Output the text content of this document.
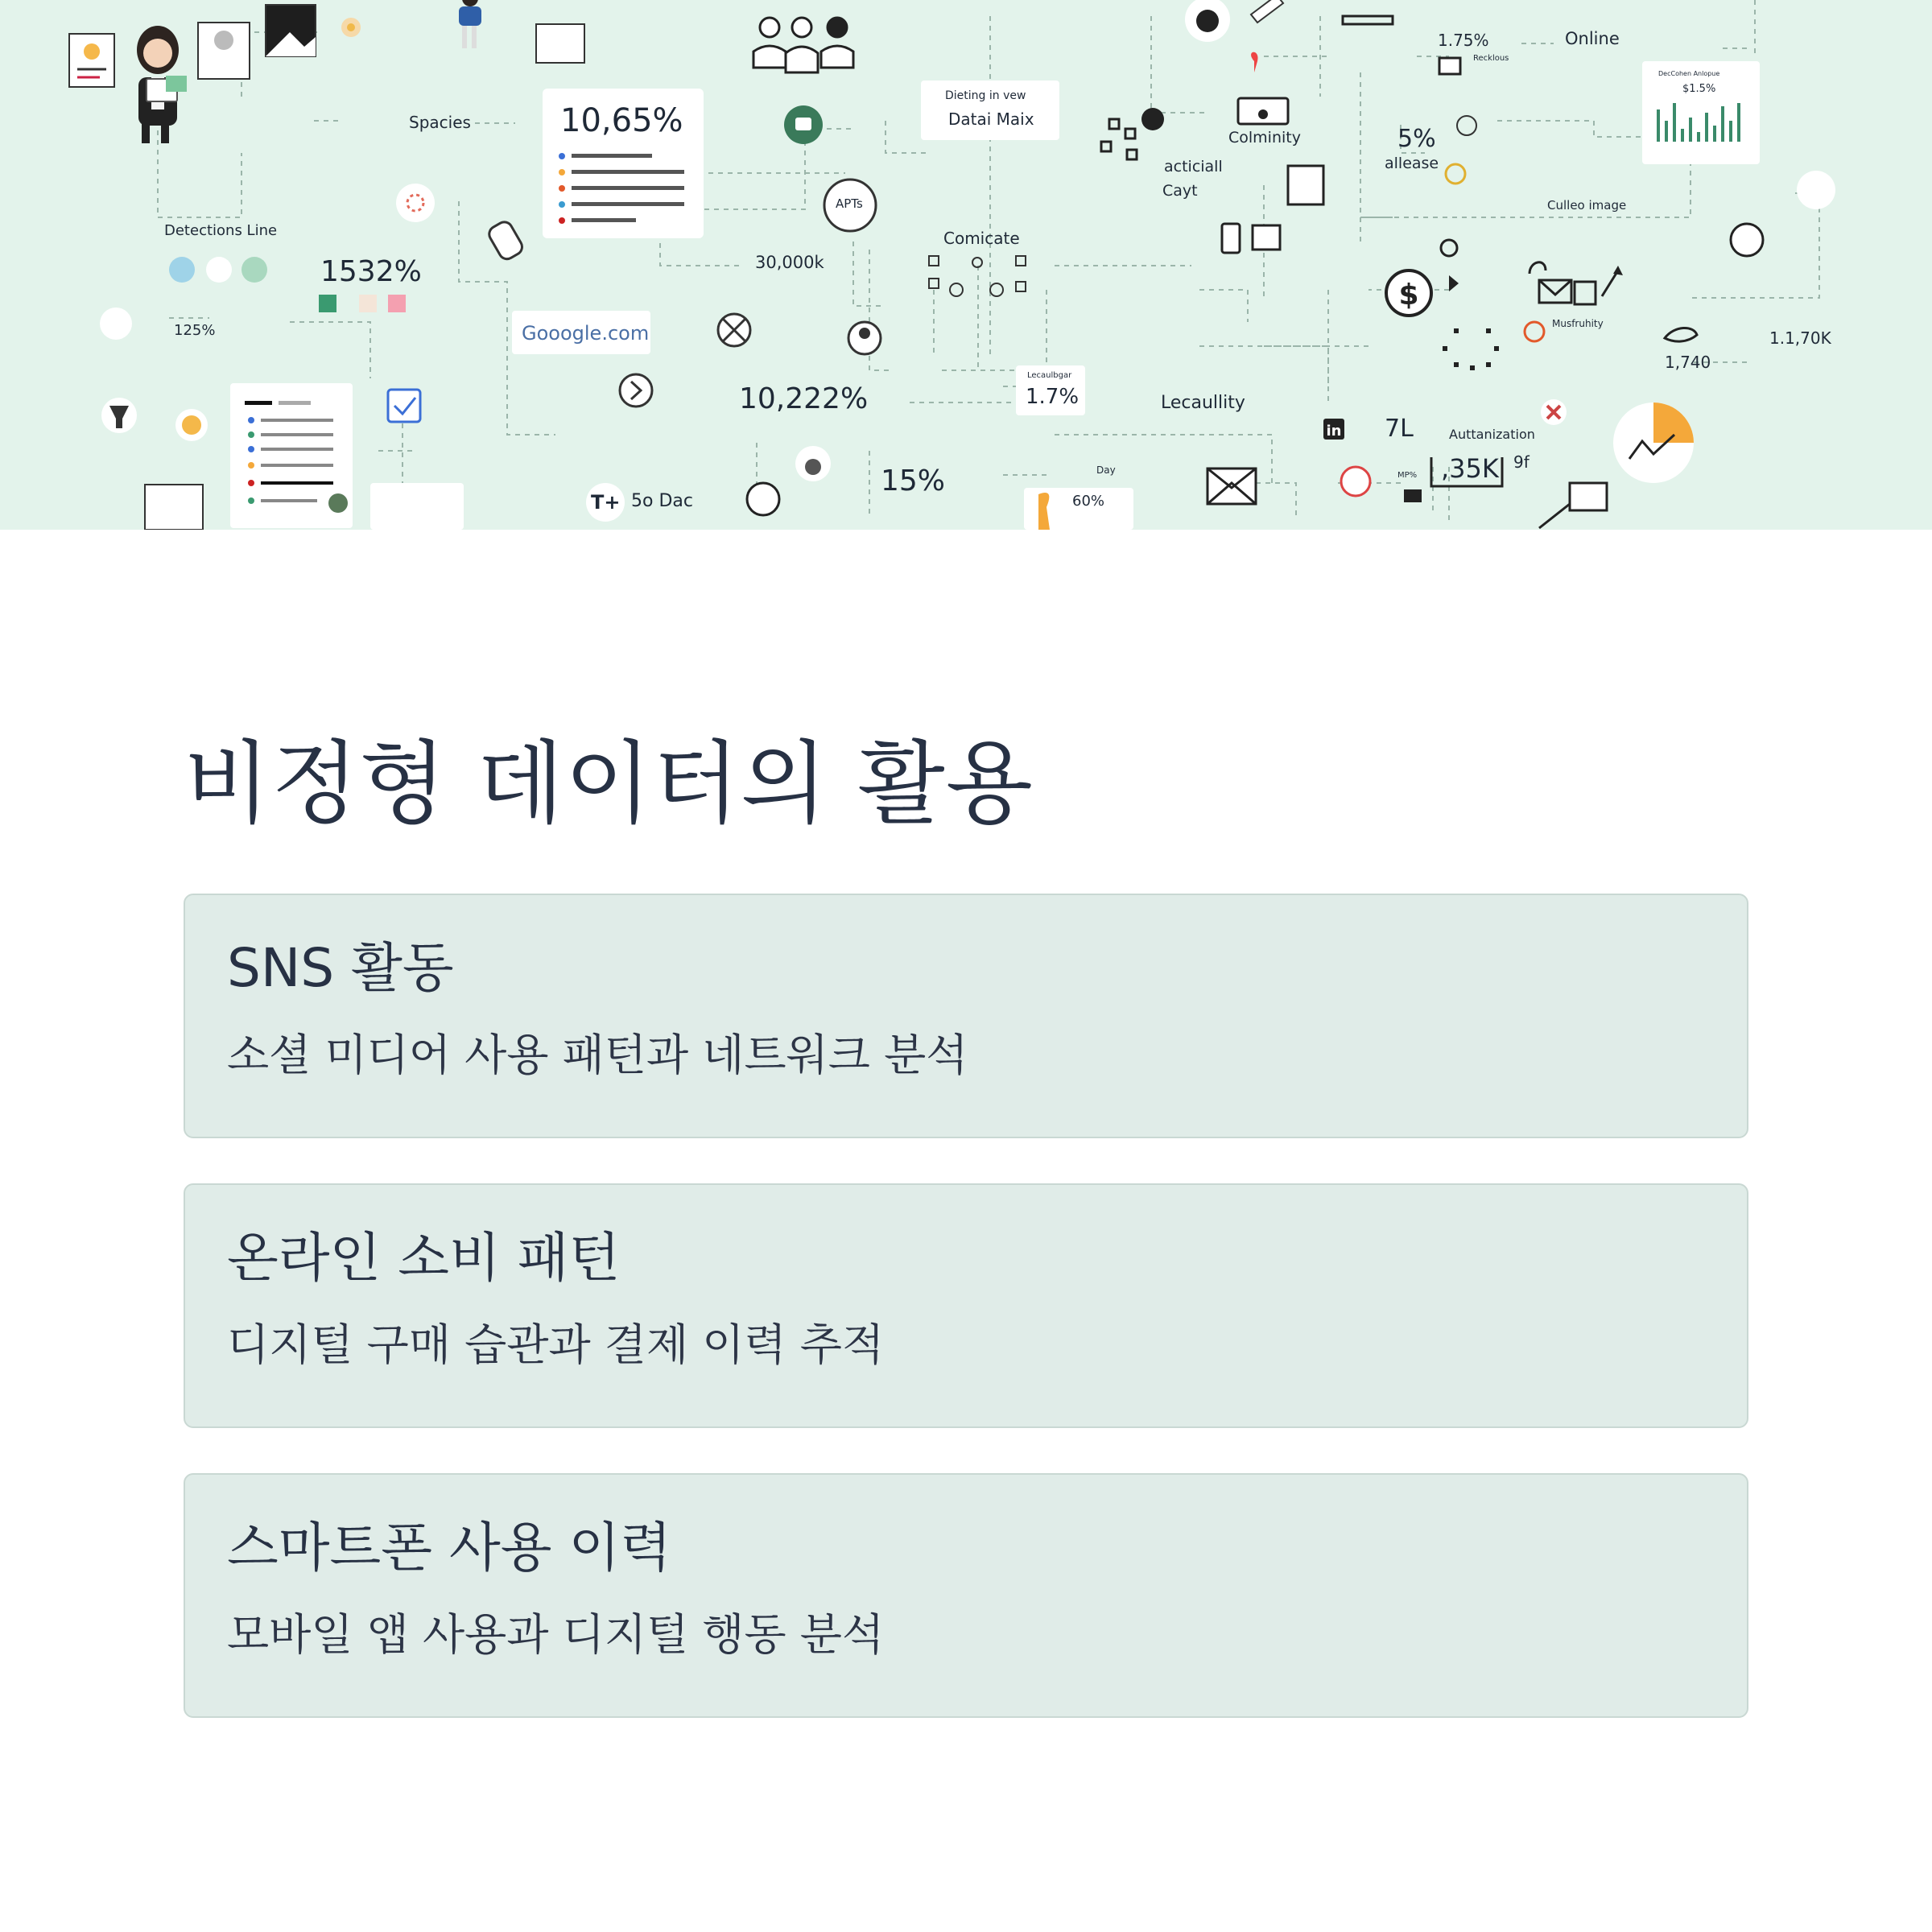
$
in
Spacies	10,65%
Detections Line
1532%
125%	Gooogle.com
30,000k
APTs
10,222%
15%
T+ 5o Dac
Dieting in vew
Datai Maix
Comicate
Lecaulbgar
1.7%	Lecaullity
Day
60%
Colminity
acticiall
Cayt
1.75%
Recklous
Online
5%
allease
Culleo image
DecCohen Anlopue
$1.5%
Musfruhity
1,740
1.1,70K
7L	Auttanization
,35K 9f
MP%
비정형 데이터의 활용
SNS 활동

소셜 미디어 사용 패턴과 네트워크 분석

온라인 소비 패턴

디지털 구매 습관과 결제 이력 추적

스마트폰 사용 이력

모바일 앱 사용과 디지털 행동 분석
